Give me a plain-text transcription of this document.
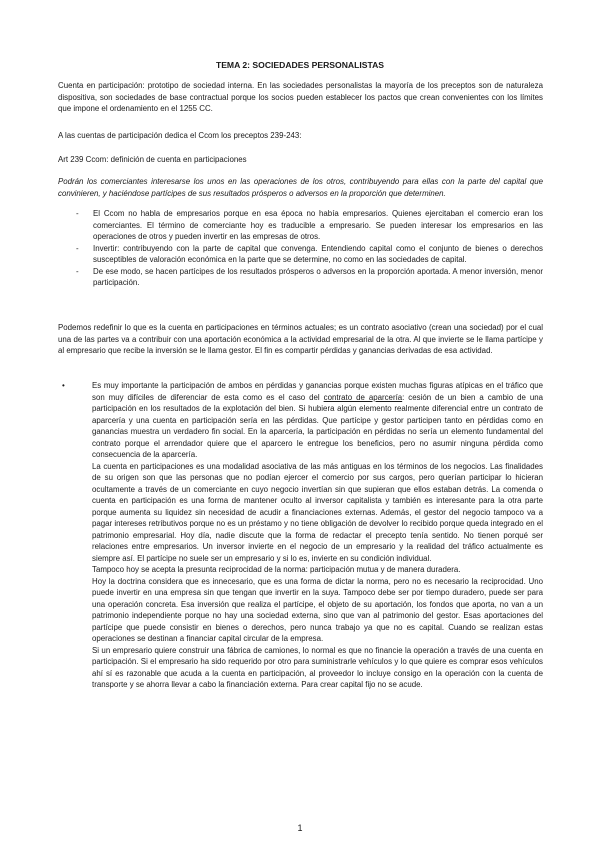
TEMA 2: SOCIEDADES PERSONALISTAS

Cuenta en participación: prototipo de sociedad interna. En las sociedades personalistas la mayoría de los preceptos son de naturaleza dispositiva, son sociedades de base contractual porque los socios pueden establecer los pactos que crean convenientes con los límites que impone el ordenamiento en el 1255 CC.

A las cuentas de participación dedica el Ccom los preceptos 239-243:

Art 239 Ccom: definición de cuenta en participaciones

Podrán los comerciantes interesarse los unos en las operaciones de los otros, contribuyendo para ellas con la parte del capital que convinieren, y haciéndose partícipes de sus resultados prósperos o adversos en la proporción que determinen.

- El Ccom no habla de empresarios porque en esa época no había empresarios. Quienes ejercitaban el comercio eran los comerciantes. El término de comerciante hoy es traducible a empresario. Se pueden interesar los empresarios en las operaciones de otros y pueden invertir en las empresas de otros.
- Invertir: contribuyendo con la parte de capital que convenga. Entendiendo capital como el conjunto de bienes o derechos susceptibles de valoración económica en la parte que se determine, no como en las sociedades de capital.
- De ese modo, se hacen partícipes de los resultados prósperos o adversos en la proporción aportada. A menor inversión, menor participación.

Podemos redefinir lo que es la cuenta en participaciones en términos actuales; es un contrato asociativo (crean una sociedad) por el cual una de las partes va a contribuir con una aportación económica a la actividad empresarial de la otra. Al que invierte se le llama partícipe y al empresario que recibe la inversión se le llama gestor. El fin es compartir pérdidas y ganancias derivadas de esa actividad.

•	Es muy importante la participación de ambos en pérdidas y ganancias porque existen muchas figuras atípicas en el tráfico que son muy difíciles de diferenciar de esta como es el caso del contrato de aparcería: cesión de un bien a cambio de una participación en los resultados de la explotación del bien. Si hubiera algún elemento realmente diferencial entre un contrato de aparcería y una cuenta en participación sería en las pérdidas. Que partícipe y gestor participen tanto en pérdidas como en ganancias muestra un verdadero fin social. En la aparcería, la participación en pérdidas no sería un elemento fundamental del contrato porque el arrendador quiere que el aparcero le entregue los beneficios, pero no asumir ninguna pérdida como consecuencia de la aparcería.

La cuenta en participaciones es una modalidad asociativa de las más antiguas en los términos de los negocios. Las finalidades de su origen son que las personas que no podían ejercer el comercio por sus cargos, pero querían participar lo hicieran ocultamente a través de un comerciante en cuyo negocio invertían sin que supieran que ellos estaban detrás. La comenda o cuenta en participación es una forma de mantener oculto al inversor capitalista y también es interesante para la otra parte porque aumenta su liquidez sin necesidad de acudir a financiaciones externas. Además, el gestor del negocio tampoco va a pagar intereses retributivos porque no es un préstamo y no tiene obligación de devolver lo recibido porque queda integrado en el patrimonio empresarial. Hoy día, nadie discute que la forma de redactar el precepto tenía sentido. No tienen porqué ser relaciones entre empresarios. Un inversor invierte en el negocio de un empresario y la realidad del tráfico actualmente es siempre así. El partícipe no suele ser un empresario y si lo es, invierte en su condición individual.

Tampoco hoy se acepta la presunta reciprocidad de la norma: participación mutua y de manera duradera.

Hoy la doctrina considera que es innecesario, que es una forma de dictar la norma, pero no es necesario la reciprocidad. Uno puede invertir en una empresa sin que tengan que invertir en la suya. Tampoco debe ser por tiempo duradero, puede ser para una operación concreta. Esa inversión que realiza el partícipe, el objeto de su aportación, los fondos que aporta, no van a un patrimonio independiente porque no hay una sociedad externa, sino que van al patrimonio del gestor. Esas aportaciones del partícipe que puede consistir en bienes o derechos, pero nunca trabajo ya que no es capital. Cuando se realizan estas operaciones se destinan a financiar capital circular de la empresa.

Si un empresario quiere construir una fábrica de camiones, lo normal es que no financie la operación a través de una cuenta en participación. Si el empresario ha sido requerido por otro para suministrarle vehículos y lo que quiere es comprar esos vehículos ahí sí es razonable que acuda a la cuenta en participación, al proveedor lo incluye consigo en la operación con la cuenta de transporte y se ahorra llevar a cabo la financiación externa. Para crear capital fijo no se acude.

1
